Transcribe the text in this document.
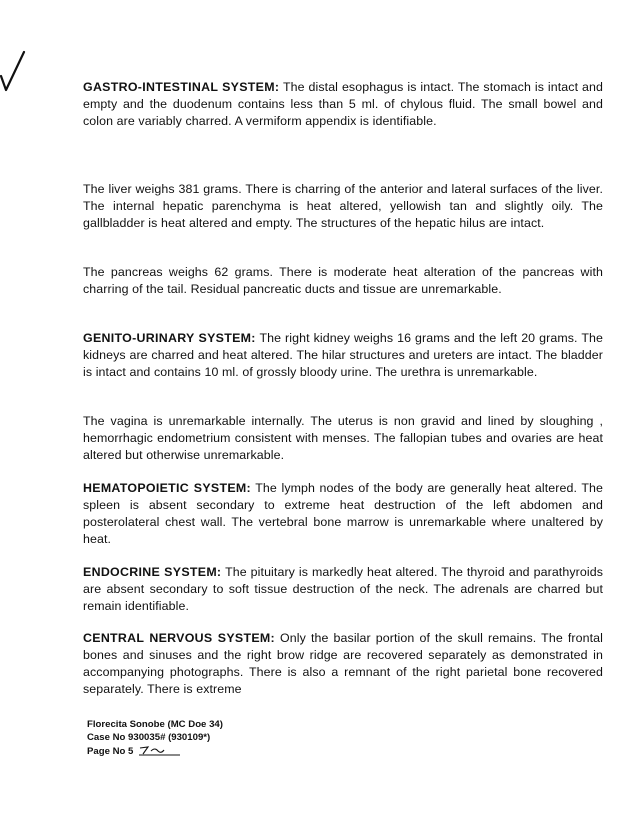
GASTRO-INTESTINAL SYSTEM: The distal esophagus is intact. The stomach is intact and empty and the duodenum contains less than 5 ml. of chylous fluid. The small bowel and colon are variably charred. A vermiform appendix is identifiable.
The liver weighs 381 grams. There is charring of the anterior and lateral surfaces of the liver. The internal hepatic parenchyma is heat altered, yellowish tan and slightly oily. The gallbladder is heat altered and empty. The structures of the hepatic hilus are intact.
The pancreas weighs 62 grams. There is moderate heat alteration of the pancreas with charring of the tail. Residual pancreatic ducts and tissue are unremarkable.
GENITO-URINARY SYSTEM: The right kidney weighs 16 grams and the left 20 grams. The kidneys are charred and heat altered. The hilar structures and ureters are intact. The bladder is intact and contains 10 ml. of grossly bloody urine. The urethra is unremarkable.
The vagina is unremarkable internally. The uterus is non gravid and lined by sloughing , hemorrhagic endometrium consistent with menses. The fallopian tubes and ovaries are heat altered but otherwise unremarkable.
HEMATOPOIETIC SYSTEM: The lymph nodes of the body are generally heat altered. The spleen is absent secondary to extreme heat destruction of the left abdomen and posterolateral chest wall. The vertebral bone marrow is unremarkable where unaltered by heat.
ENDOCRINE SYSTEM: The pituitary is markedly heat altered. The thyroid and parathyroids are absent secondary to soft tissue destruction of the neck. The adrenals are charred but remain identifiable.
CENTRAL NERVOUS SYSTEM: Only the basilar portion of the skull remains. The frontal bones and sinuses and the right brow ridge are recovered separately as demonstrated in accompanying photographs. There is also a remnant of the right parietal bone recovered separately. There is extreme
Florecita Sonobe (MC Doe 34)
Case No 930035# (930109*)
Page No 5
